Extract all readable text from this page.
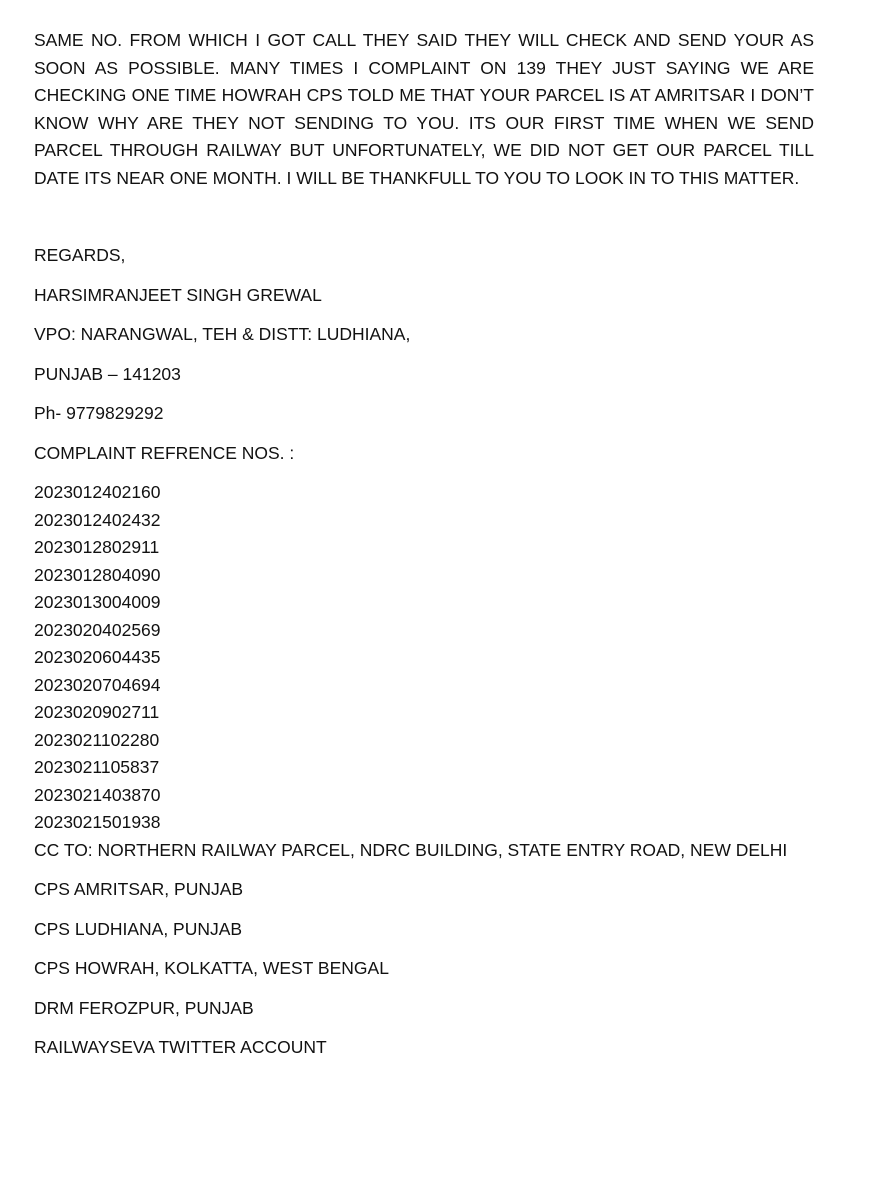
SAME NO. FROM WHICH I GOT CALL THEY SAID THEY WILL CHECK AND SEND YOUR AS SOON AS POSSIBLE. MANY TIMES I COMPLAINT ON 139 THEY JUST SAYING WE ARE CHECKING ONE TIME HOWRAH CPS TOLD ME THAT YOUR PARCEL IS AT AMRITSAR I DON’T KNOW WHY ARE THEY NOT SENDING TO YOU. ITS OUR FIRST TIME WHEN WE SEND PARCEL THROUGH RAILWAY BUT UNFORTUNATELY, WE DID NOT GET OUR PARCEL TILL DATE ITS NEAR ONE MONTH. I WILL BE THANKFULL TO YOU TO LOOK IN TO THIS MATTER.

REGARDS,
HARSIMRANJEET SINGH GREWAL
VPO: NARANGWAL, TEH & DISTT: LUDHIANA,
PUNJAB – 141203
Ph- 9779829292
COMPLAINT REFRENCE NOS. :
2023012402160
2023012402432
2023012802911
2023012804090
2023013004009
2023020402569
2023020604435
2023020704694
2023020902711
2023021102280
2023021105837
2023021403870
2023021501938
CC TO: NORTHERN RAILWAY PARCEL, NDRC BUILDING, STATE ENTRY ROAD, NEW DELHI
CPS AMRITSAR, PUNJAB
CPS LUDHIANA, PUNJAB
CPS HOWRAH, KOLKATTA, WEST BENGAL
DRM FEROZPUR, PUNJAB
RAILWAYSEVA TWITTER ACCOUNT
